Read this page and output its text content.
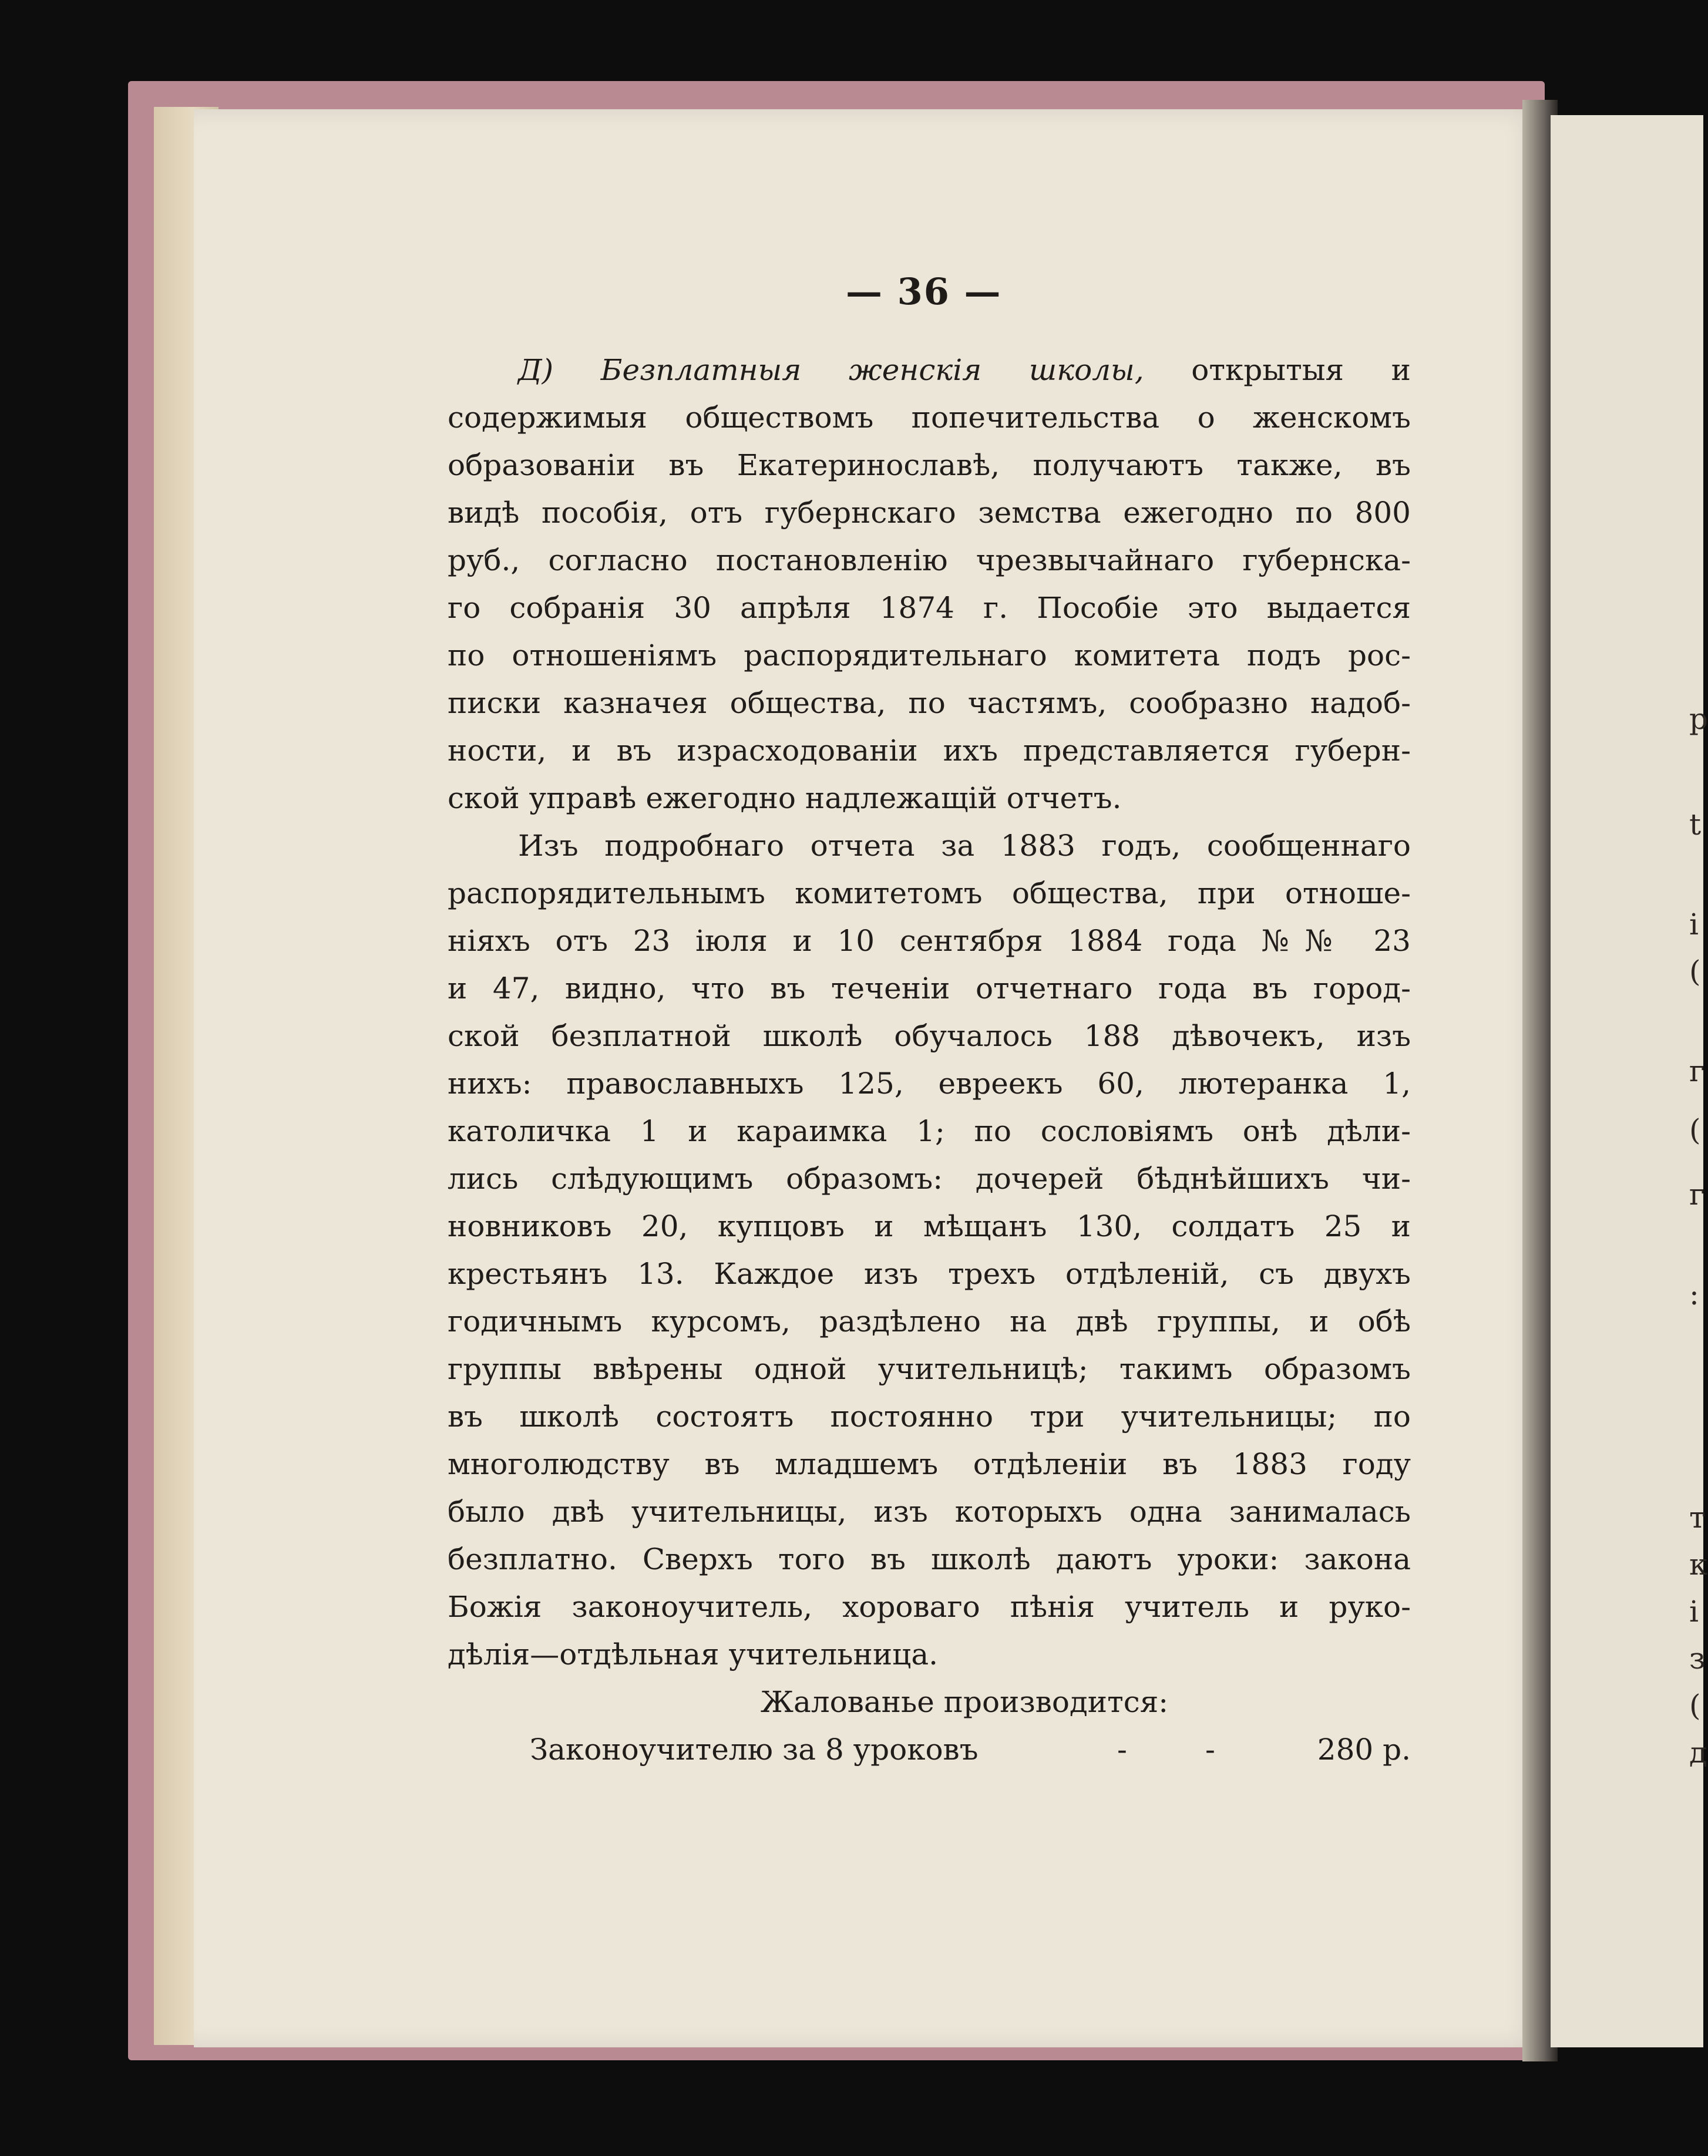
р
t
і
(
г
(
г
:
т
к
і
з
(
д
— 36 —
Д) Безплатныя женскія школы, открытыя и
содержимыя обществомъ попечительства о женскомъ
образованіи въ Екатеринославѣ, получаютъ также, въ
видѣ пособія, отъ губернскаго земства ежегодно по 800
руб., согласно постановленію чрезвычайнаго губернска-
го собранія 30 апрѣля 1874 г. Пособіе это выдается
по отношеніямъ распорядительнаго комитета подъ рос-
писки казначея общества, по частямъ, сообразно надоб-
ности, и въ израсходованіи ихъ представляется губерн-
ской управѣ ежегодно надлежащій отчетъ.
Изъ подробнаго отчета за 1883 годъ, сообщеннаго
распорядительнымъ комитетомъ общества, при отноше-
ніяхъ отъ 23 іюля и 10 сентября 1884 года №№ 23
и 47, видно, что въ теченіи отчетнаго года въ город-
ской безплатной школѣ обучалось 188 дѣвочекъ, изъ
нихъ: православныхъ 125, евреекъ 60, лютеранка 1,
католичка 1 и караимка 1; по сословіямъ онѣ дѣли-
лись слѣдующимъ образомъ: дочерей бѣднѣйшихъ чи-
новниковъ 20, купцовъ и мѣщанъ 130, солдатъ 25 и
крестьянъ 13. Каждое изъ трехъ отдѣленій, съ двухъ
годичнымъ курсомъ, раздѣлено на двѣ группы, и обѣ
группы ввѣрены одной учительницѣ; такимъ образомъ
въ школѣ состоятъ постоянно три учительницы; по
многолюдству въ младшемъ отдѣленіи въ 1883 году
было двѣ учительницы, изъ которыхъ одна занималась
безплатно. Сверхъ того въ школѣ даютъ уроки: закона
Божія законоучитель, хороваго пѣнія учитель и руко-
дѣлія—отдѣльная учительница.
Жалованье производится:
Законоучителю за 8 уроковъ	-	-	280 р.
